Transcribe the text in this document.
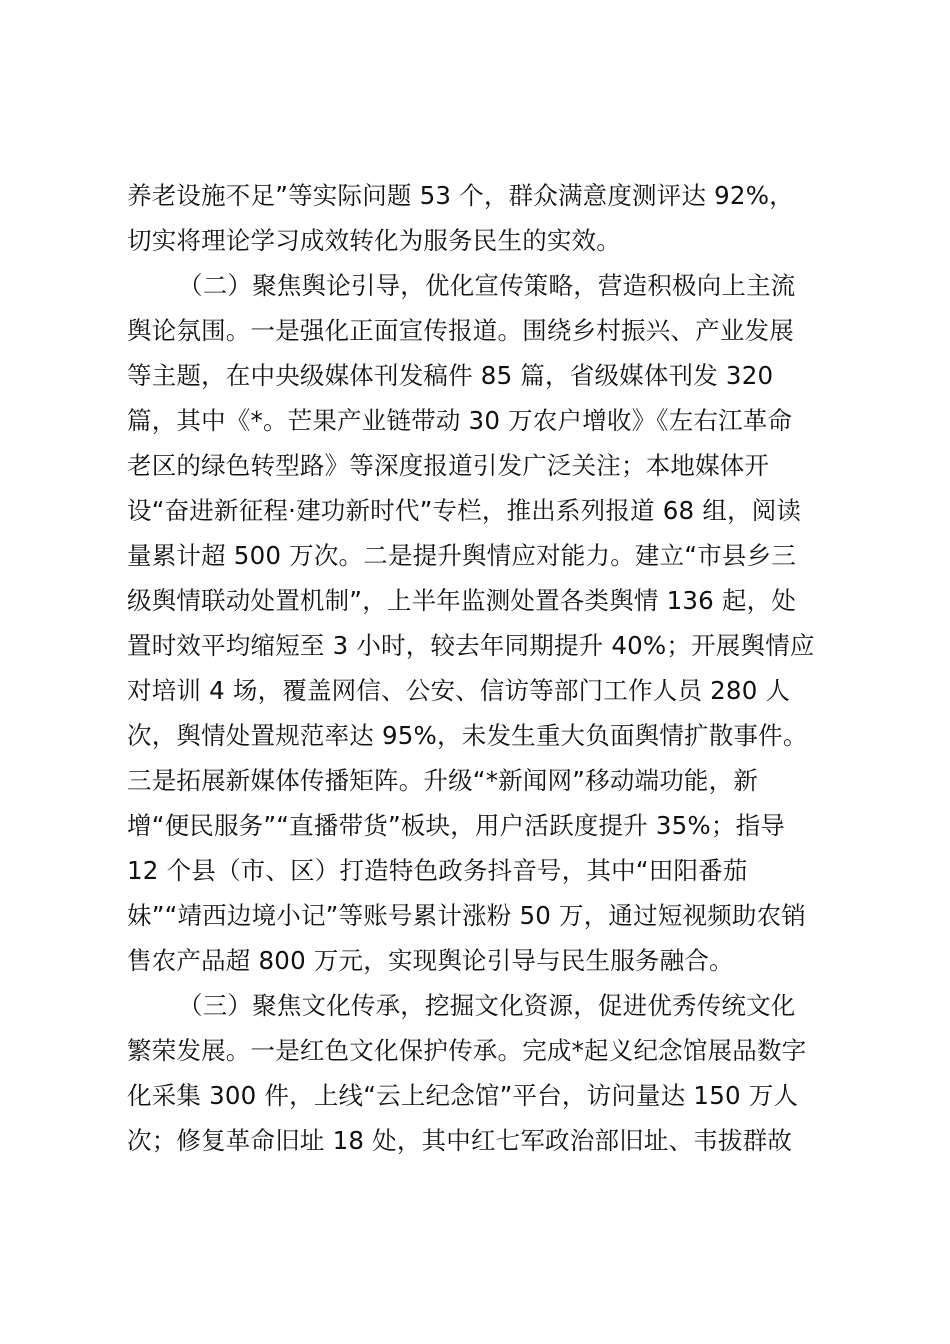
养老设施不足”等实际问题 53 个，群众满意度测评达 92%，
切实将理论学习成效转化为服务民生的实效。
（二）聚焦舆论引导，优化宣传策略，营造积极向上主流
舆论氛围。一是强化正面宣传报道。围绕乡村振兴、产业发展
等主题，在中央级媒体刊发稿件 85 篇，省级媒体刊发 320
篇，其中《*。芒果产业链带动 30 万农户增收》《左右江革命
老区的绿色转型路》等深度报道引发广泛关注；本地媒体开
设“奋进新征程·建功新时代”专栏，推出系列报道 68 组，阅读
量累计超 500 万次。二是提升舆情应对能力。建立“市县乡三
级舆情联动处置机制”，上半年监测处置各类舆情 136 起，处
置时效平均缩短至 3 小时，较去年同期提升 40%；开展舆情应
对培训 4 场，覆盖网信、公安、信访等部门工作人员 280 人
次，舆情处置规范率达 95%，未发生重大负面舆情扩散事件。
三是拓展新媒体传播矩阵。升级“*新闻网”移动端功能，新
增“便民服务”“直播带货”板块，用户活跃度提升 35%；指导
12 个县（市、区）打造特色政务抖音号，其中“田阳番茄
妹”“靖西边境小记”等账号累计涨粉 50 万，通过短视频助农销
售农产品超 800 万元，实现舆论引导与民生服务融合。
（三）聚焦文化传承，挖掘文化资源，促进优秀传统文化
繁荣发展。一是红色文化保护传承。完成*起义纪念馆展品数字
化采集 300 件，上线“云上纪念馆”平台，访问量达 150 万人
次；修复革命旧址 18 处，其中红七军政治部旧址、韦拔群故
